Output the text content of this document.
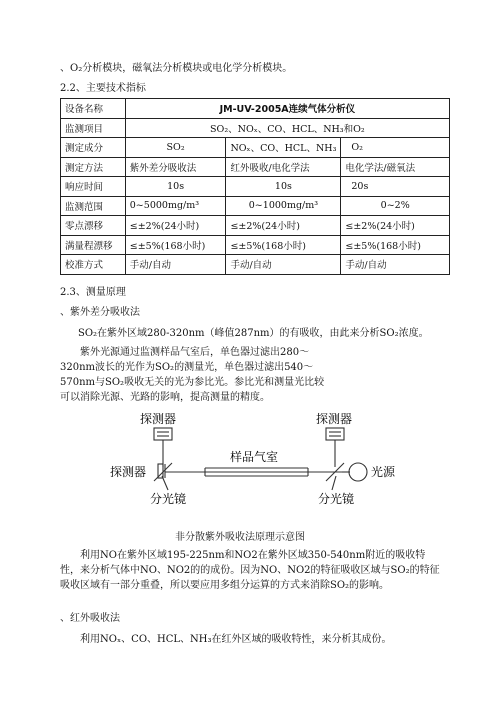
、O₂分析模块，磁氧法分析模块或电化学分析模块。
2.2、主要技术指标
设备名称	JM-UV-2005A连续气体分析仪		
监测项目	SO₂、NOₓ、CO、HCL、NH₃和O₂		
测定成分	SO₂	NOₓ、CO、HCL、NH₃	O₂
测定方法	紫外差分吸收法	红外吸收/电化学法	电化学法/磁氧法
响应时间	10s	10s	20s
监测范围	0~5000mg/m³	0~1000mg/m³	0~2%
零点漂移	≤±2%(24小时)	≤±2%(24小时)	≤±2%(24小时)
满量程漂移	≤±5%(168小时)	≤±5%(168小时)	≤±5%(168小时)
校准方式	手动/自动	手动/自动	手动/自动
2.3、测量原理
、紫外差分吸收法
SO₂在紫外区域280-320nm（峰值287nm）的有吸收，由此来分析SO₂浓度。
紫外光源通过监测样品气室后，单色器过滤出280～320nm波长的光作为SO₂的测量光，单色器过滤出540～570nm与SO₂吸收无关的光为参比光。参比光和测量光比较可以消除光源、光路的影响，提高测量的精度。
探测器	探测器
探测器
样品气室
光源
分光镜	分光镜
非分散紫外吸收法原理示意图
利用NO在紫外区域195-225nm和NO2在紫外区域350-540nm附近的吸收特性，来分析气体中NO、NO2的的成份。因为NO、NO2的特征吸收区域与SO₂的特征吸收区域有一部分重叠，所以要应用多组分运算的方式来消除SO₂的影响。
、红外吸收法
利用NOₓ、CO、HCL、NH₃在红外区域的吸收特性，来分析其成份。
